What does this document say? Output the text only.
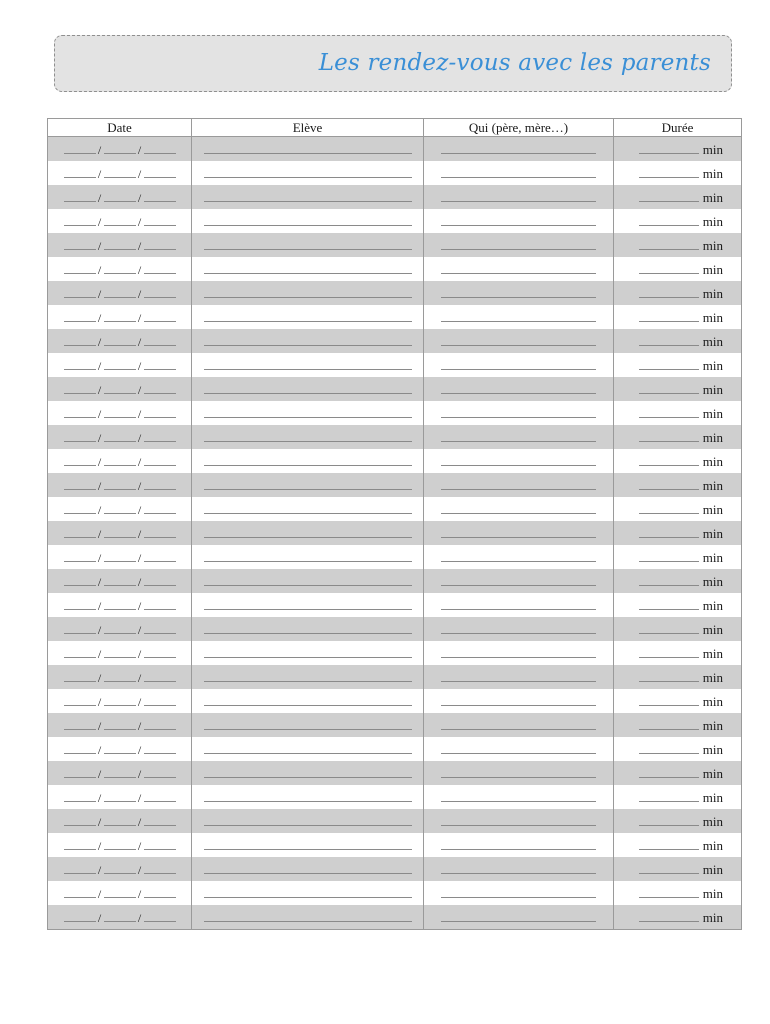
Les rendez-vous avec les parents
Date	Elève	Qui (père, mère…)	Durée
/ /			min
/ /			min
/ /			min
/ /			min
/ /			min
/ /			min
/ /			min
/ /			min
/ /			min
/ /			min
/ /			min
/ /			min
/ /			min
/ /			min
/ /			min
/ /			min
/ /			min
/ /			min
/ /			min
/ /			min
/ /			min
/ /			min
/ /			min
/ /			min
/ /			min
/ /			min
/ /			min
/ /			min
/ /			min
/ /			min
/ /			min
/ /			min
/ /			min
